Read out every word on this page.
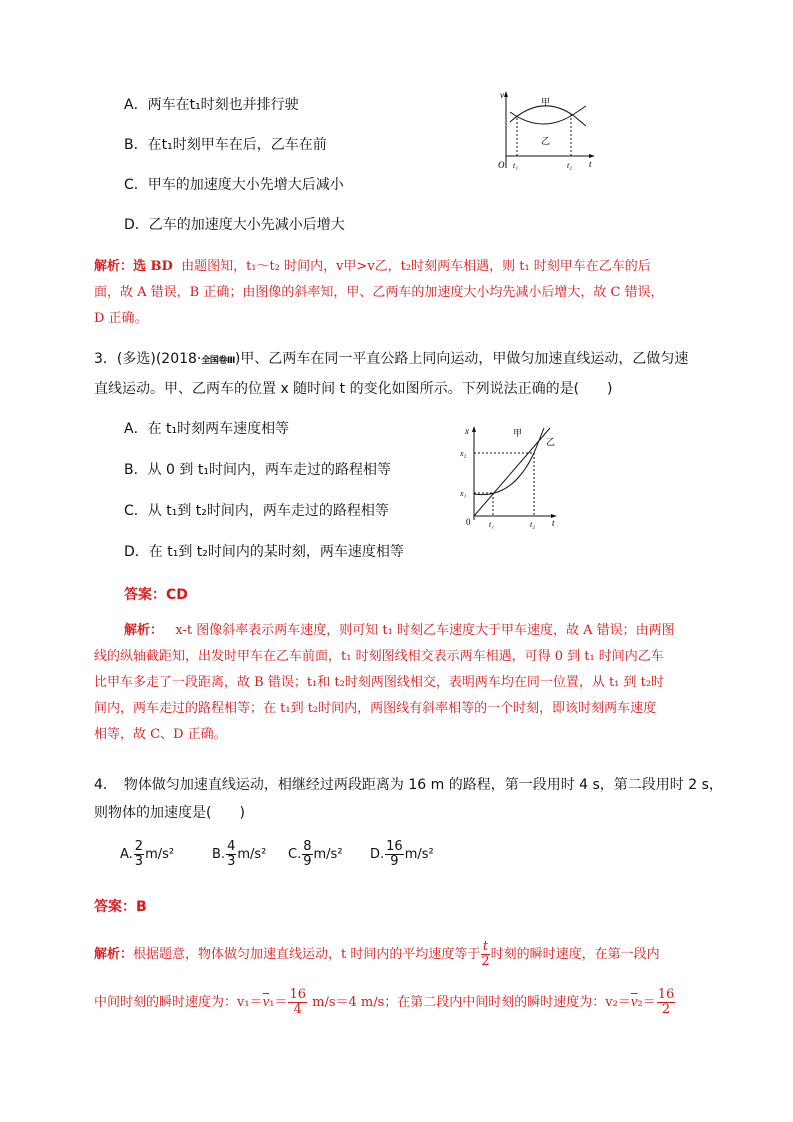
A．两车在t₁时刻也并排行驶
B．在t₁时刻甲车在后，乙车在前
C．甲车的加速度大小先增大后减小
D．乙车的加速度大小先减小后增大
v
O
甲
乙
t₁	t₂ t
解析：选 BD 由题图知，t₁～t₂ 时间内，v甲>v乙，t₂时刻两车相遇，则 t₁ 时刻甲车在乙车的后
面，故 A 错误，B 正确；由图像的斜率知，甲、乙两车的加速度大小均先减小后增大，故 C 错误，
D 正确。
3．(多选)(2018·全国卷Ⅲ)甲、乙两车在同一平直公路上同向运动，甲做匀加速直线运动，乙做匀速
直线运动。甲、乙两车的位置 x 随时间 t 的变化如图所示。下列说法正确的是(　　)
A．在 t₁时刻两车速度相等
B．从 0 到 t₁时间内，两车走过的路程相等
C．从 t₁到 t₂时间内，两车走过的路程相等
D．在 t₁到 t₂时间内的某时刻，两车速度相等
x
x₂
x₁
0
甲
乙
t₁	t₂ t
答案：CD
解析： x-t 图像斜率表示两车速度，则可知 t₁ 时刻乙车速度大于甲车速度，故 A 错误；由两图
线的纵轴截距知，出发时甲车在乙车前面，t₁ 时刻图线相交表示两车相遇，可得 0 到 t₁ 时间内乙车
比甲车多走了一段距离，故 B 错误；t₁和 t₂时刻两图线相交，表明两车均在同一位置，从 t₁ 到 t₂时
间内，两车走过的路程相等；在 t₁到 t₂时间内，两图线有斜率相等的一个时刻，即该时刻两车速度
相等，故 C、D 正确。
4．　物体做匀加速直线运动，相继经过两段距离为 16 m 的路程，第一段用时 4 s，第二段用时 2 s，
则物体的加速度是(　　)
A. $\frac{2}{3} m/s^2$	B. $\frac{4}{3} m/s^2$ C. $\frac{8}{9} m/s^2$ D. $\frac{16}{9} m/s^2$
答案：B
解析：根据题意，物体做匀加速直线运动，t 时间内的平均速度等于 $\frac{t}{2}$ 时刻的瞬时速度，在第一段内
中间时刻的瞬时速度为：$v_1=\overline{v}_1= \frac{16}{4} m/s=4$ m/s；在第二段内中间时刻的瞬时速度为：$v_2=\overline{v}_2= \frac{16}{2}$
